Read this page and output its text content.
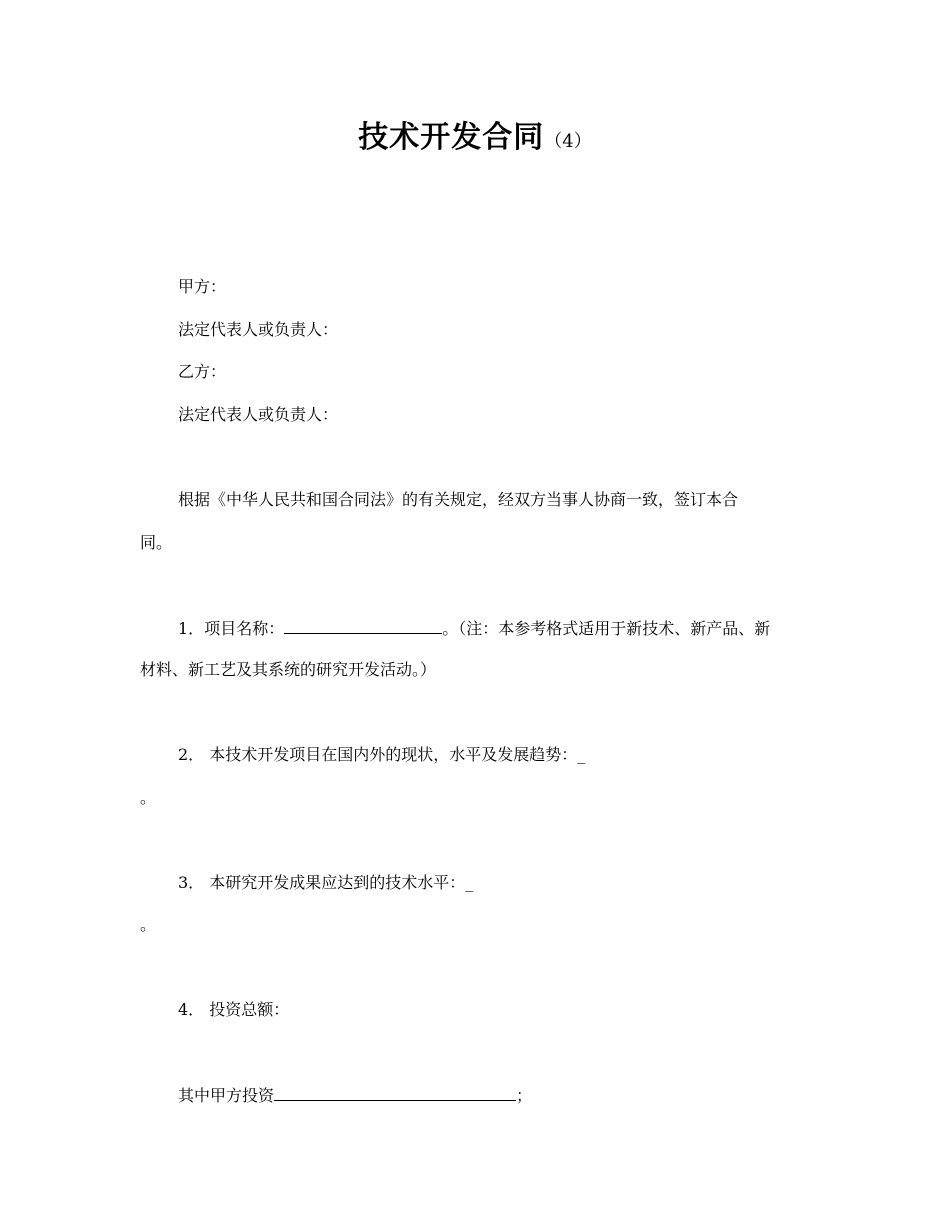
技术开发合同（4）
甲方：
法定代表人或负责人：
乙方：
法定代表人或负责人：
根据《中华人民共和国合同法》的有关规定，经双方当事人协商一致，签订本合
同。
1．项目名称：	。（注：本参考格式适用于新技术、新产品、新
材料、新工艺及其系统的研究开发活动。）
2． 本技术开发项目在国内外的现状，水平及发展趋势：_
。
3． 本研究开发成果应达到的技术水平：_
。
4． 投资总额：
其中甲方投资	；
